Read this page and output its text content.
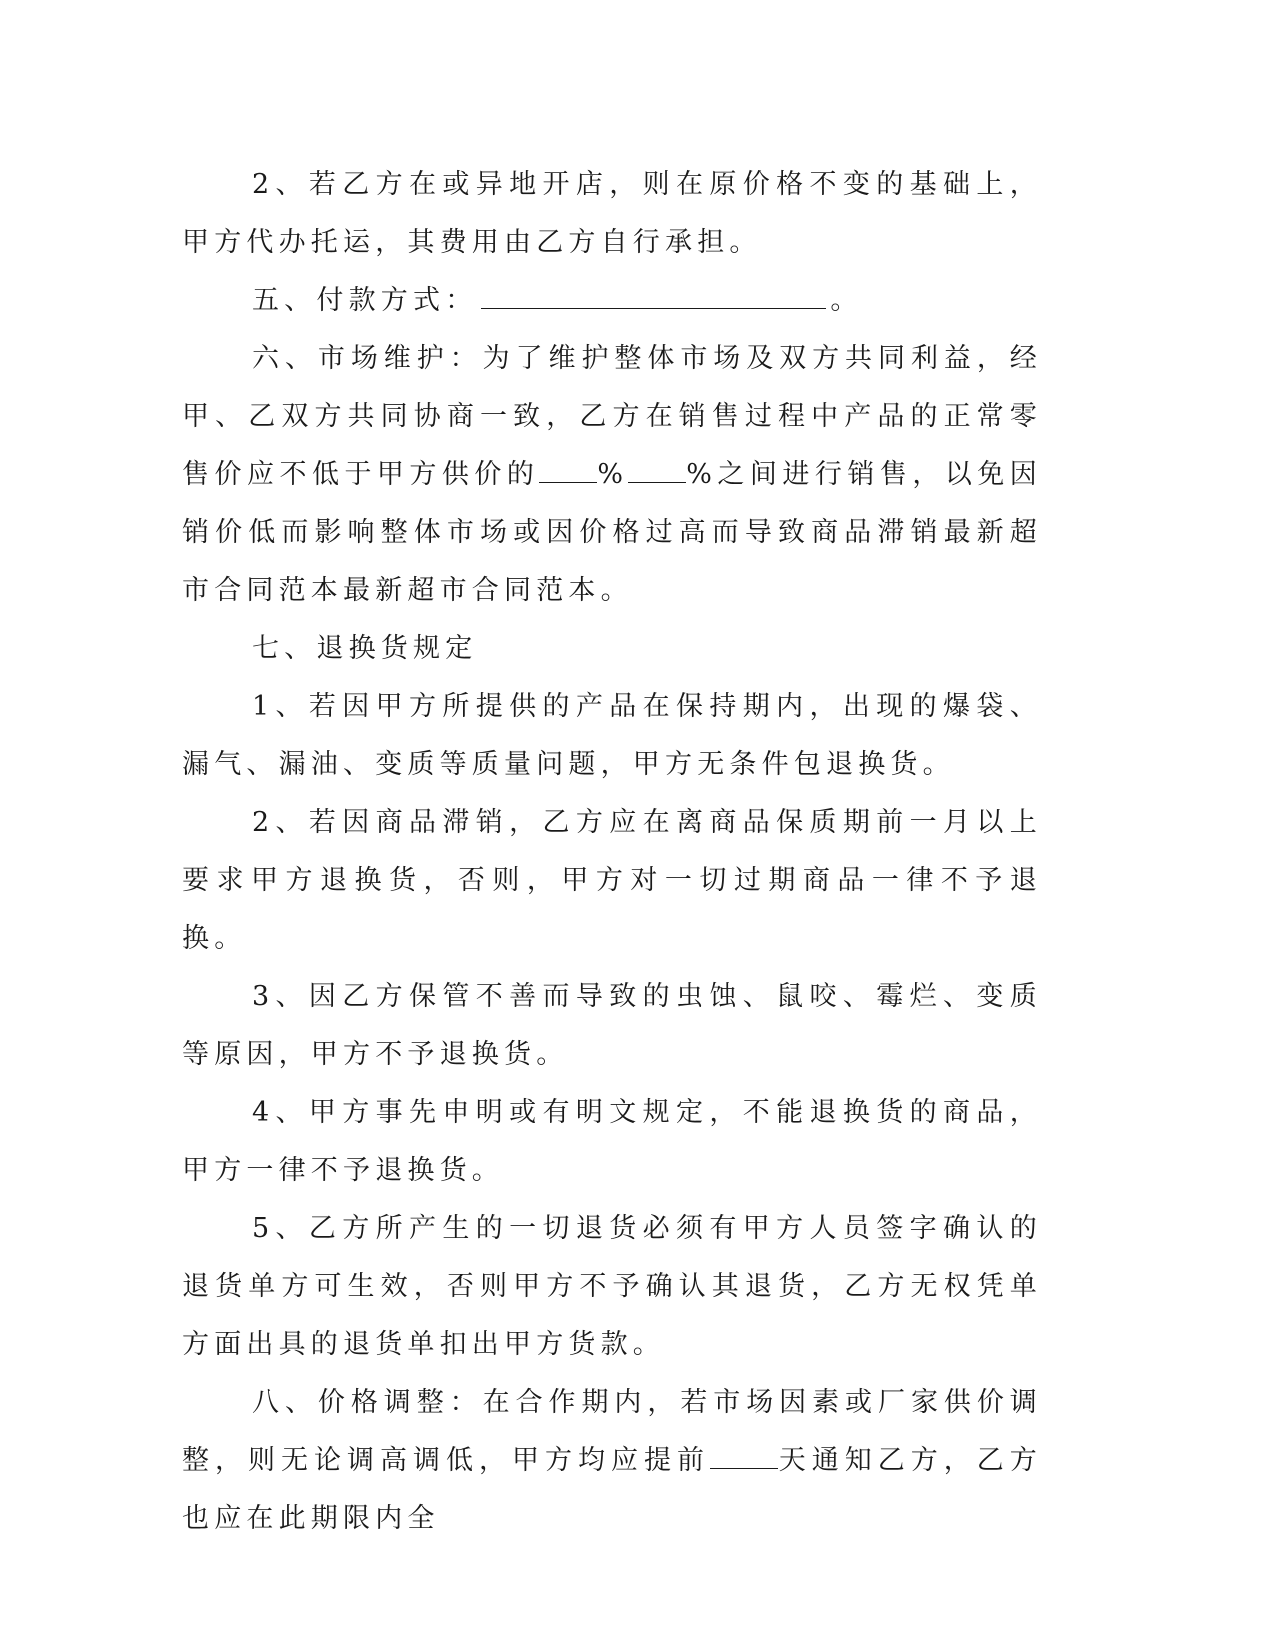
2、若乙方在或异地开店，则在原价格不变的基础上，甲方代办托运，其费用由乙方自行承担。

五、付款方式：	。

六、市场维护：为了维护整体市场及双方共同利益，经甲、乙双方共同协商一致，乙方在销售过程中产品的正常零售价应不低于甲方供价的 % %之间进行销售，以免因销价低而影响整体市场或因价格过高而导致商品滞销最新超市合同范本最新超市合同范本。

七、退换货规定

1、若因甲方所提供的产品在保持期内，出现的爆袋、漏气、漏油、变质等质量问题，甲方无条件包退换货。

2、若因商品滞销，乙方应在离商品保质期前一月以上要求甲方退换货，否则，甲方对一切过期商品一律不予退换。

3、因乙方保管不善而导致的虫蚀、鼠咬、霉烂、变质等原因，甲方不予退换货。

4、甲方事先申明或有明文规定，不能退换货的商品，甲方一律不予退换货。

5、乙方所产生的一切退货必须有甲方人员签字确认的退货单方可生效，否则甲方不予确认其退货，乙方无权凭单方面出具的退货单扣出甲方货款。

八、价格调整：在合作期内，若市场因素或厂家供价调整，则无论调高调低，甲方均应提前	天通知乙方，乙方也应在此期限内全
